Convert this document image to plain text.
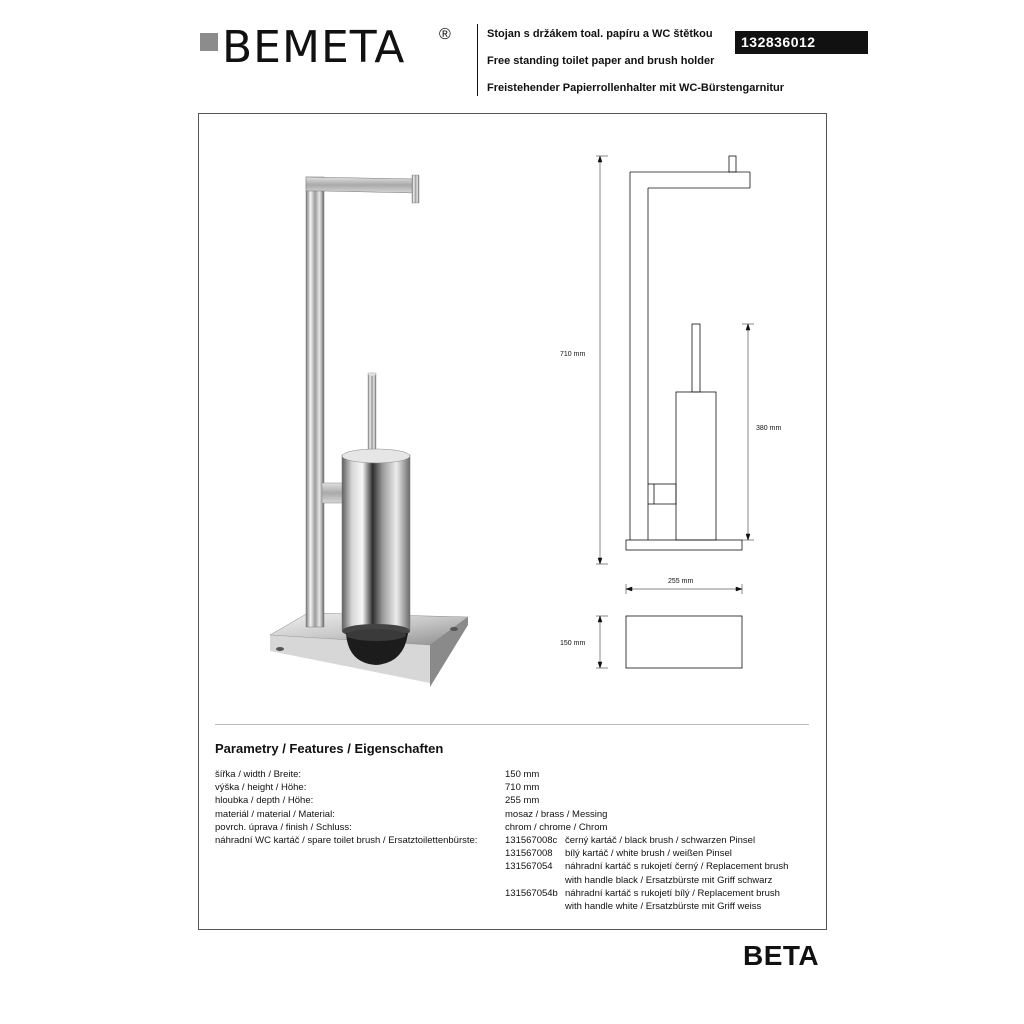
BEMETA ®	Stojan s držákem toal. papíru a WC štětkou
Free standing toilet paper and brush holder
Freistehender Papierrollenhalter mit WC-Bürstengarnitur
132836012
710 mm
380 mm
255 mm
150 mm
Parametry / Features / Eigenschaften
šířka / width / Breite:	150 mm
výška / height / Höhe:	710 mm
hloubka / depth / Höhe:	255 mm
materiál / material / Material:	mosaz / brass / Messing
povrch. úprava / finish / Schluss:	chrom / chrome / Chrom
náhradní WC kartáč / spare toilet brush / Ersatztoilettenbürste:	131567008c černý kartáč / black brush / schwarzen Pinsel
131567008 bílý kartáč / white brush / weißen Pinsel
131567054 náhradní kartáč s rukojetí černý / Replacement brush
with handle black / Ersatzbürste mit Griff schwarz
131567054b náhradní kartáč s rukojetí bílý / Replacement brush
with handle white / Ersatzbürste mit Griff weiss
BETA
